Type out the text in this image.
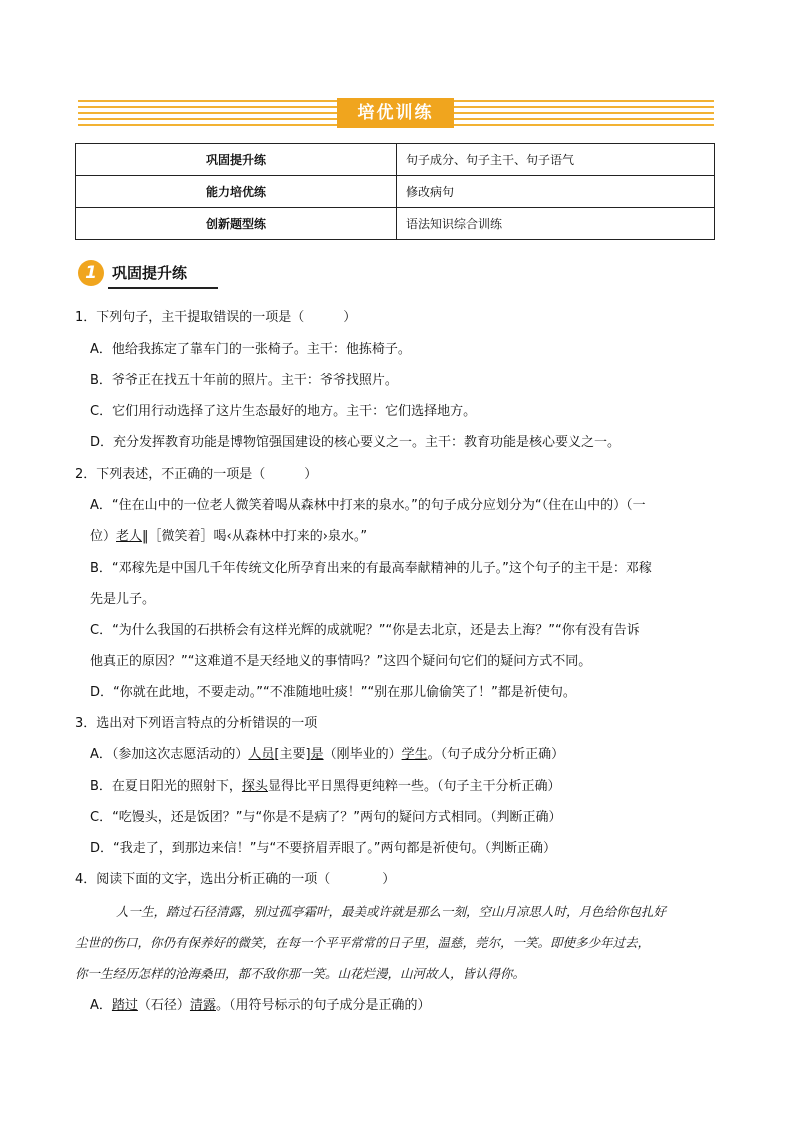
培优训练
巩固提升练	句子成分、句子主干、句子语气
能力培优练	修改病句
创新题型练	语法知识综合训练
1	巩固提升练
1．下列句子，主干提取错误的一项是（　　　）
A．他给我拣定了靠车门的一张椅子。主干：他拣椅子。
B．爷爷正在找五十年前的照片。主干：爷爷找照片。
C．它们用行动选择了这片生态最好的地方。主干：它们选择地方。
D．充分发挥教育功能是博物馆强国建设的核心要义之一。主干：教育功能是核心要义之一。
2．下列表述，不正确的一项是（　　　）
A．“住在山中的一位老人微笑着喝从森林中打来的泉水。”的句子成分应划分为“（住在山中的）（一
位）老人‖［微笑着］喝‹从森林中打来的›泉水。”
B．“邓稼先是中国几千年传统文化所孕育出来的有最高奉献精神的儿子。”这个句子的主干是：邓稼
先是儿子。
C．“为什么我国的石拱桥会有这样光辉的成就呢？”“你是去北京，还是去上海？”“你有没有告诉
他真正的原因？”“这难道不是天经地义的事情吗？”这四个疑问句它们的疑问方式不同。
D．“你就在此地，不要走动。”“不准随地吐痰！”“别在那儿偷偷笑了！”都是祈使句。
3．选出对下列语言特点的分析错误的一项
A．（参加这次志愿活动的）人员[主要]是（刚毕业的）学生。（句子成分分析正确）
B．在夏日阳光的照射下，探头显得比平日黑得更纯粹一些。（句子主干分析正确）
C．“吃馒头，还是饭团？”与“你是不是病了？”两句的疑问方式相同。（判断正确）
D．“我走了，到那边来信！”与“不要挤眉弄眼了。”两句都是祈使句。（判断正确）
4．阅读下面的文字，选出分析正确的一项（　　　　）
人一生，踏过石径清露，别过孤亭霜叶，最美或许就是那么一刻，空山月凉思人时，月色给你包扎好
尘世的伤口，你仍有保养好的微笑，在每一个平平常常的日子里，温慈，莞尔，一笑。即使多少年过去，
你一生经历怎样的沧海桑田，都不敌你那一笑。山花烂漫，山河故人，皆认得你。
A．踏过（石径）清露。（用符号标示的句子成分是正确的）
